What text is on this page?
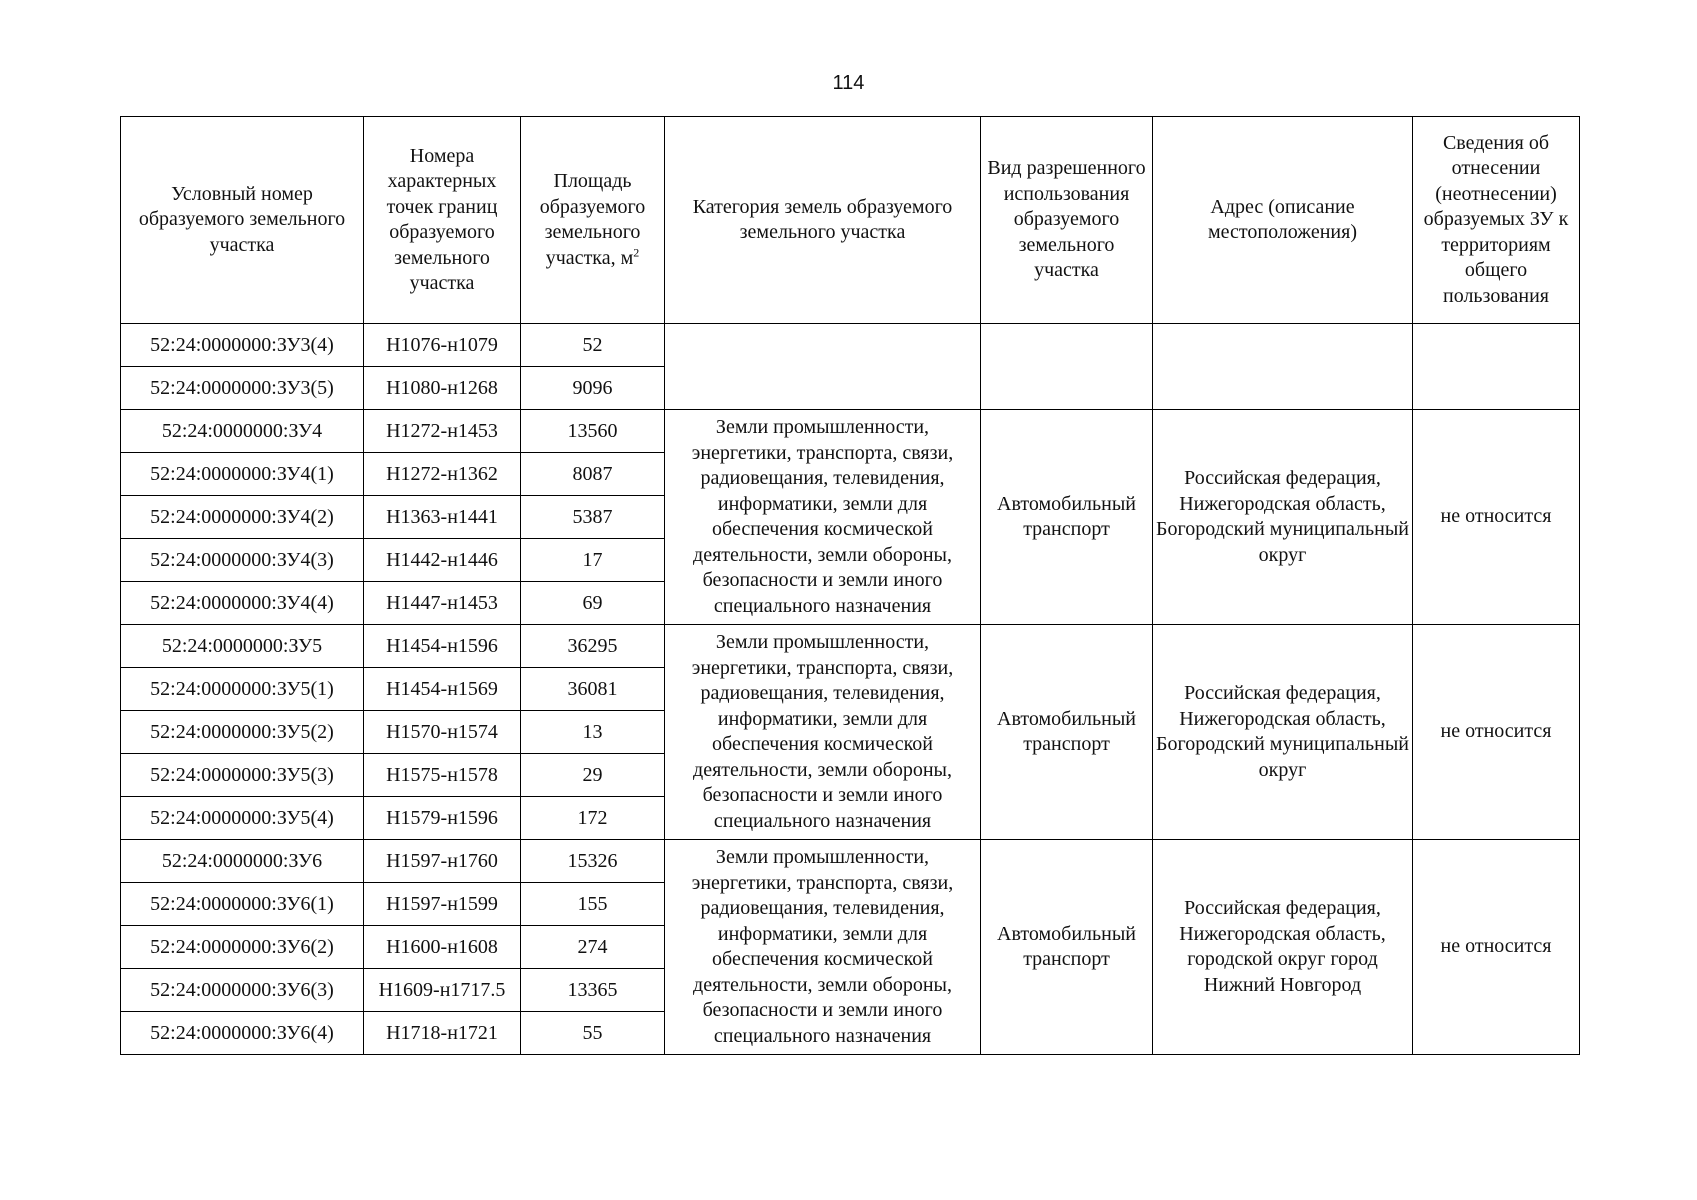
114
Условный номер образуемого земельного участка	Номера характерных точек границ образуемого земельного участка	Площадь образуемого земельного участка, $м^2$	Категория земель образуемого земельного участка	Вид разрешенного использования образуемого земельного участка	Адрес (описание местоположения)	Сведения об отнесении (неотнесении) образуемых ЗУ к территориям общего пользования
52:24:0000000:ЗУ3(4)	Н1076-н1079	52				
52:24:0000000:ЗУ3(5)	Н1080-н1268	9096				
52:24:0000000:ЗУ4	Н1272-н1453	13560	Земли промышленности, энергетики, транспорта, связи, радиовещания, телевидения, информатики, земли для обеспечения космической деятельности, земли обороны, безопасности и земли иного специального назначения	Автомобильный транспорт	Российская федерация, Нижегородская область, Богородский муниципальный округ	не относится
52:24:0000000:ЗУ4(1)	Н1272-н1362	8087				
52:24:0000000:ЗУ4(2)	Н1363-н1441	5387				
52:24:0000000:ЗУ4(3)	Н1442-н1446	17				
52:24:0000000:ЗУ4(4)	Н1447-н1453	69				
52:24:0000000:ЗУ5	Н1454-н1596	36295	Земли промышленности, энергетики, транспорта, связи, радиовещания, телевидения, информатики, земли для обеспечения космической деятельности, земли обороны, безопасности и земли иного специального назначения	Автомобильный транспорт	Российская федерация, Нижегородская область, Богородский муниципальный округ	не относится
52:24:0000000:ЗУ5(1)	Н1454-н1569	36081				
52:24:0000000:ЗУ5(2)	Н1570-н1574	13				
52:24:0000000:ЗУ5(3)	Н1575-н1578	29				
52:24:0000000:ЗУ5(4)	Н1579-н1596	172				
52:24:0000000:ЗУ6	Н1597-н1760	15326	Земли промышленности, энергетики, транспорта, связи, радиовещания, телевидения, информатики, земли для обеспечения космической деятельности, земли обороны, безопасности и земли иного специального назначения	Автомобильный транспорт	Российская федерация, Нижегородская область, городской округ город Нижний Новгород	не относится
52:24:0000000:ЗУ6(1)	Н1597-н1599	155				
52:24:0000000:ЗУ6(2)	Н1600-н1608	274				
52:24:0000000:ЗУ6(3)	Н1609-н1717.5	13365				
52:24:0000000:ЗУ6(4)	Н1718-н1721	55				
